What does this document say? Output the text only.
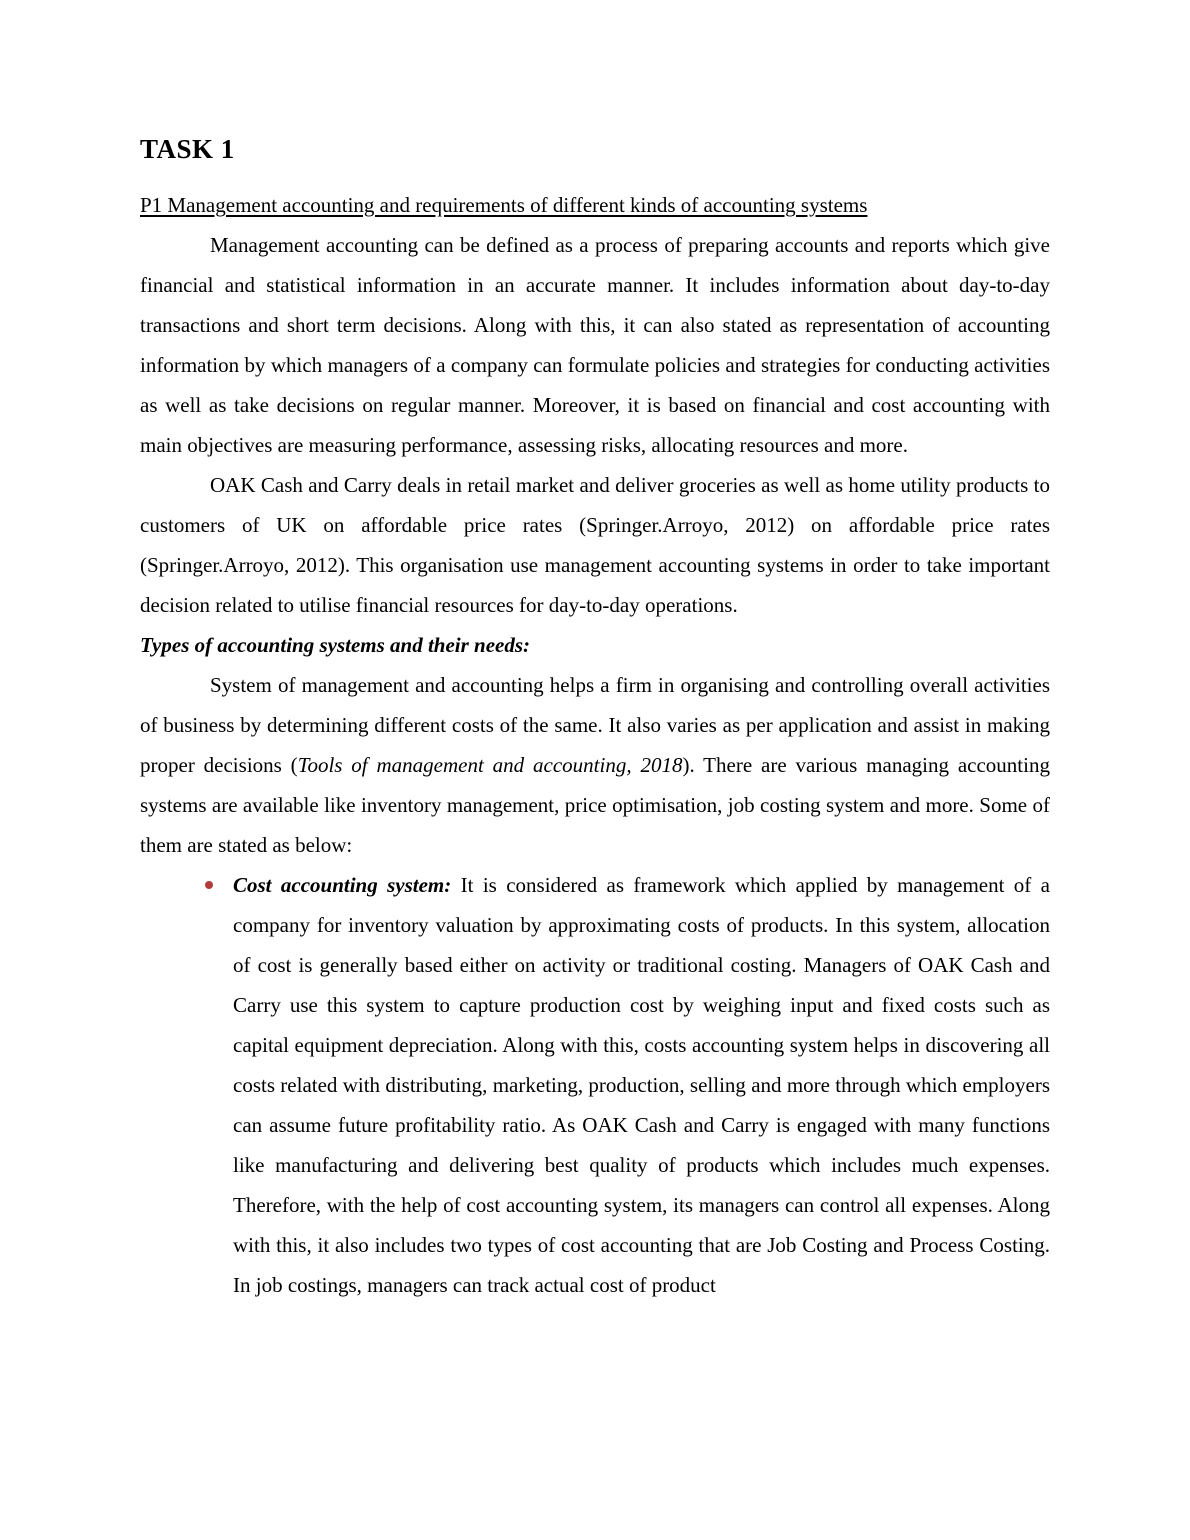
TASK 1

P1 Management accounting and requirements of different kinds of accounting systems

Management accounting can be defined as a process of preparing accounts and reports which give financial and statistical information in an accurate manner. It includes information about day-to-day transactions and short term decisions. Along with this, it can also stated as representation of accounting information by which managers of a company can formulate policies and strategies for conducting activities as well as take decisions on regular manner. Moreover, it is based on financial and cost accounting with main objectives are measuring performance, assessing risks, allocating resources and more.

OAK Cash and Carry deals in retail market and deliver groceries as well as home utility products to customers of UK on affordable price rates (Springer.Arroyo, 2012) on affordable price rates (Springer.Arroyo, 2012). This organisation use management accounting systems in order to take important decision related to utilise financial resources for day-to-day operations.

Types of accounting systems and their needs:

System of management and accounting helps a firm in organising and controlling overall activities of business by determining different costs of the same. It also varies as per application and assist in making proper decisions (Tools of management and accounting, 2018). There are various managing accounting systems are available like inventory management, price optimisation, job costing system and more. Some of them are stated as below:

Cost accounting system: It is considered as framework which applied by management of a company for inventory valuation by approximating costs of products. In this system, allocation of cost is generally based either on activity or traditional costing. Managers of OAK Cash and Carry use this system to capture production cost by weighing input and fixed costs such as capital equipment depreciation. Along with this, costs accounting system helps in discovering all costs related with distributing, marketing, production, selling and more through which employers can assume future profitability ratio. As OAK Cash and Carry is engaged with many functions like manufacturing and delivering best quality of products which includes much expenses. Therefore, with the help of cost accounting system, its managers can control all expenses. Along with this, it also includes two types of cost accounting that are Job Costing and Process Costing. In job costings, managers can track actual cost of product
